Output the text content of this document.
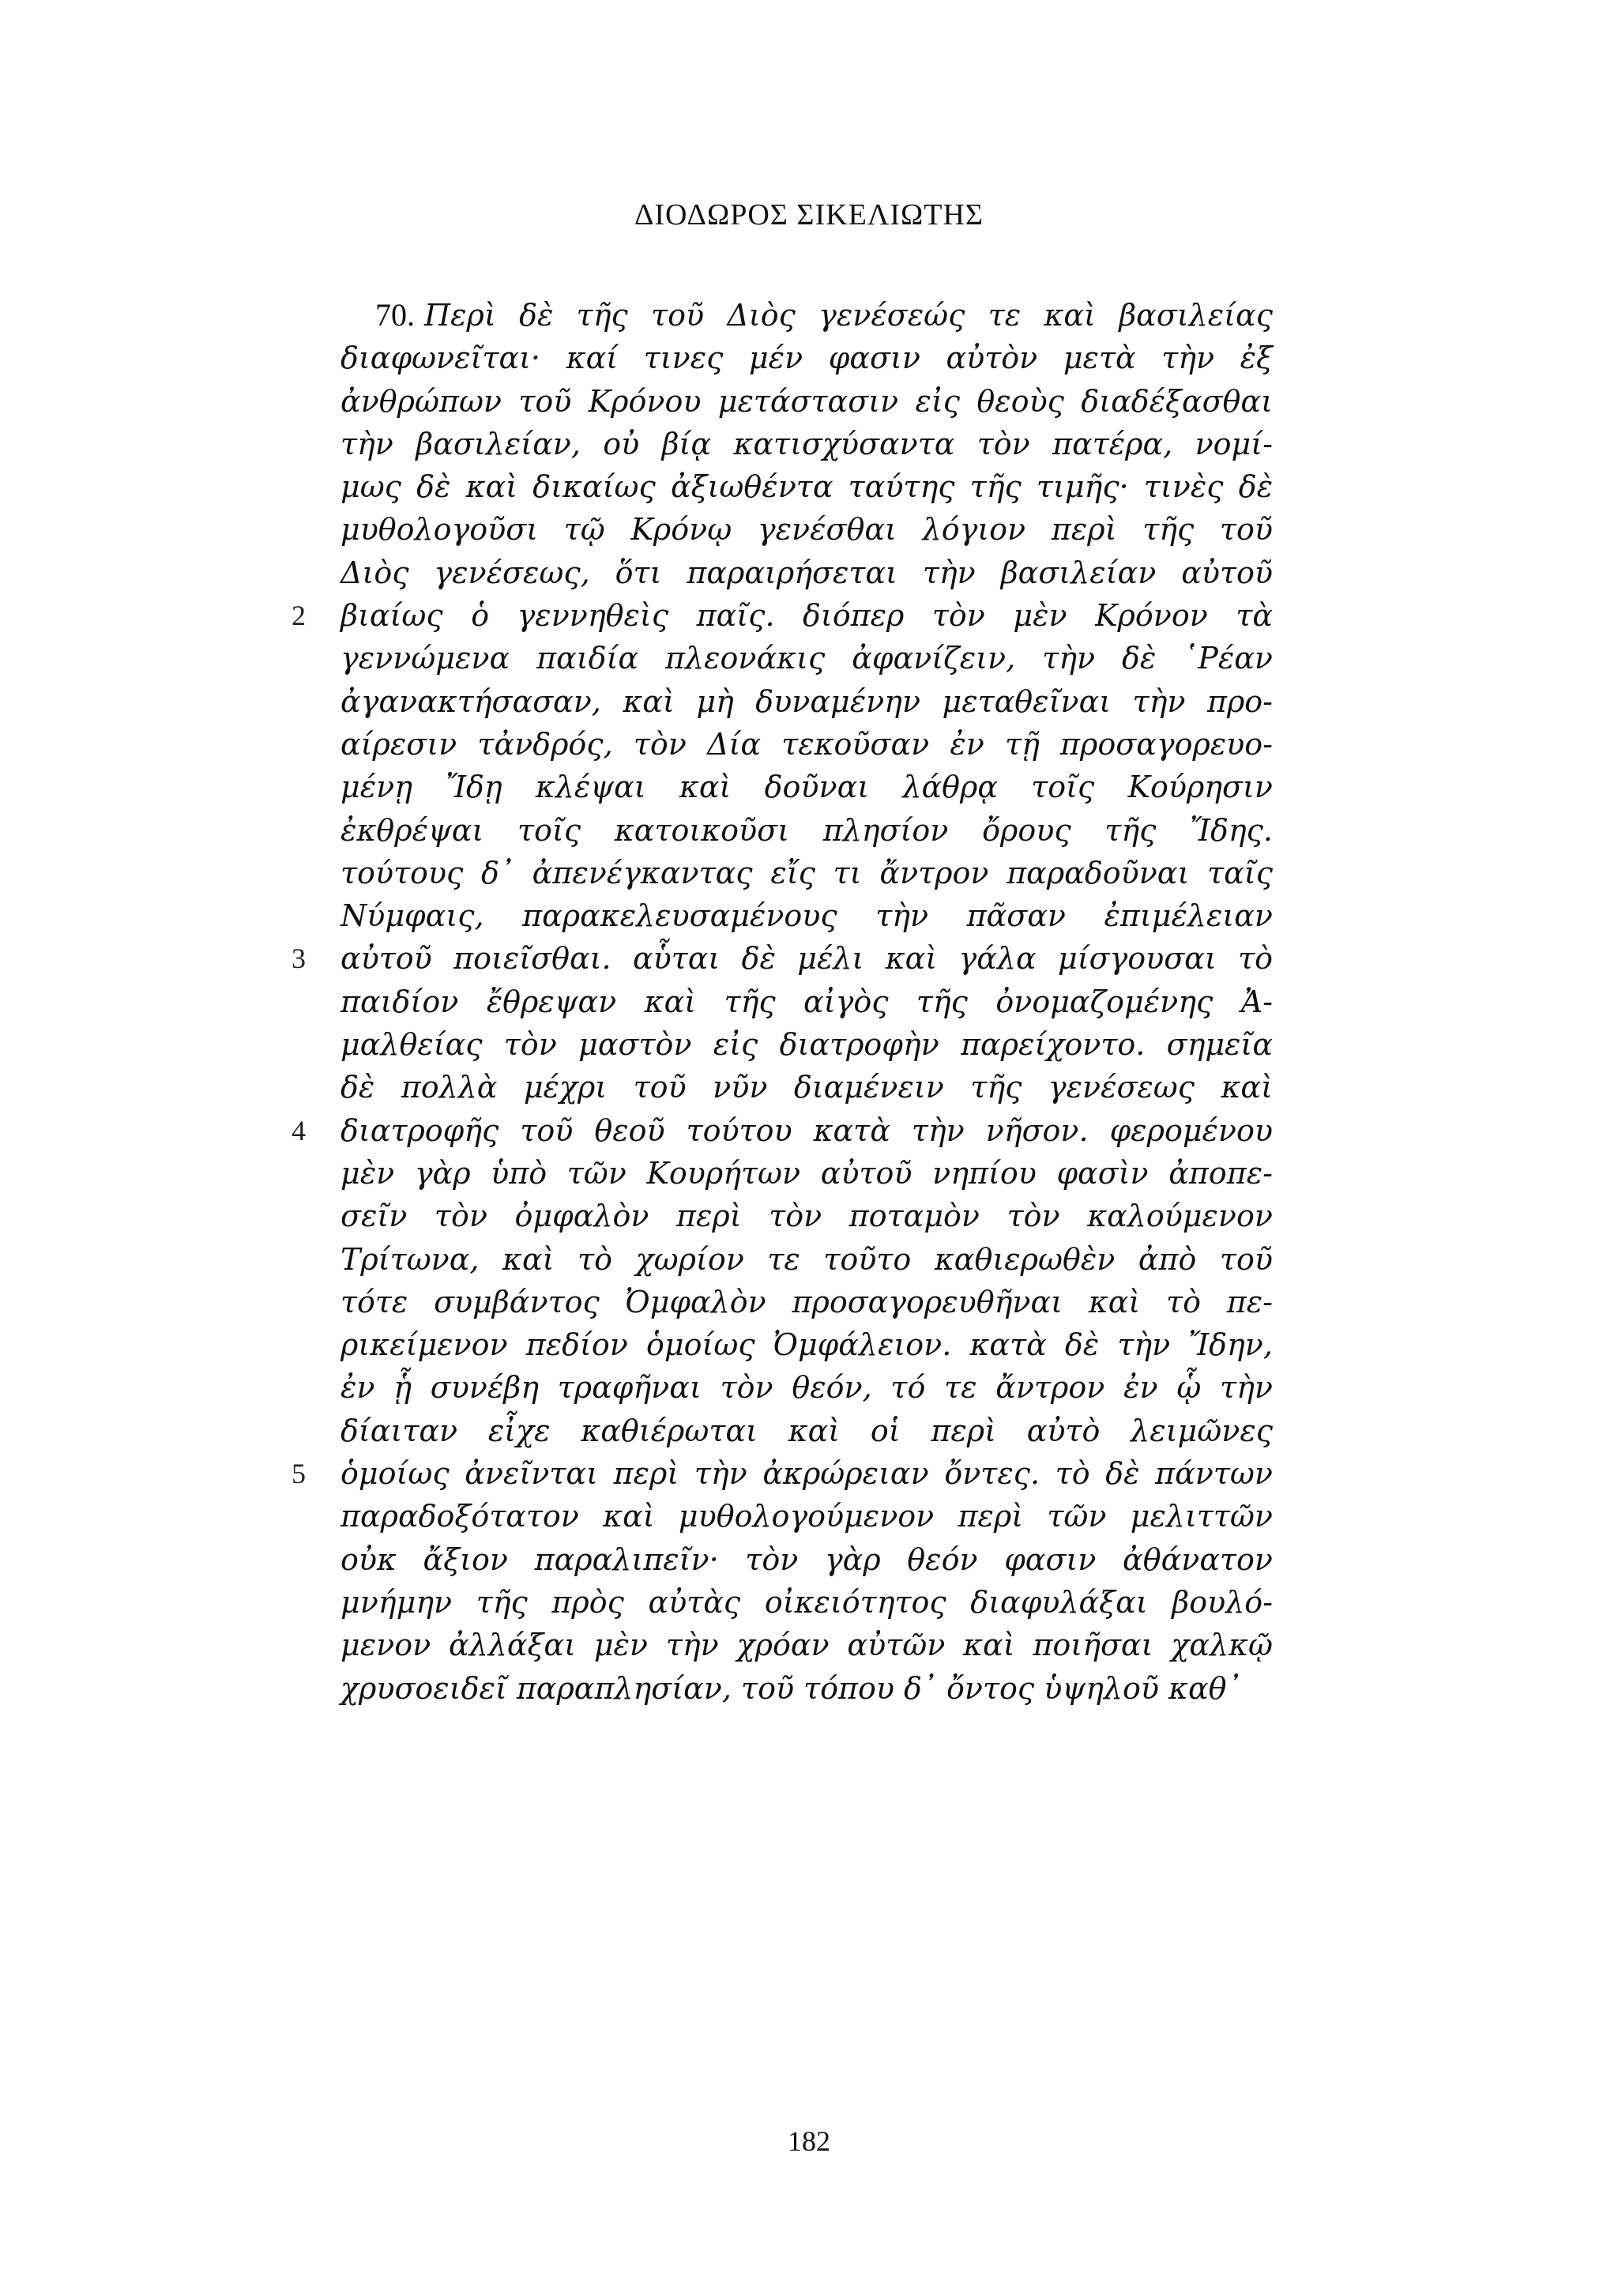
ΔΙΟΔΩΡΟΣ ΣΙΚΕΛΙΩΤΗΣ
70. Περὶ δὲ τῆς τοῦ Διὸς γενέσεώς τε καὶ βασιλείας
διαφωνεῖται· καί τινες μέν φασιν αὐτὸν μετὰ τὴν ἐξ
ἀνθρώπων τοῦ Κρόνου μετάστασιν εἰς θεοὺς διαδέξασθαι
τὴν βασιλείαν, οὐ βίᾳ κατισχύσαντα τὸν πατέρα, νομί-
μως δὲ καὶ δικαίως ἀξιωθέντα ταύτης τῆς τιμῆς· τινὲς δὲ
μυθολογοῦσι τῷ Κρόνῳ γενέσθαι λόγιον περὶ τῆς τοῦ
Διὸς γενέσεως, ὅτι παραιρήσεται τὴν βασιλείαν αὐτοῦ
βιαίως ὁ γεννηθεὶς παῖς. διόπερ τὸν μὲν Κρόνον τὰ
2
γεννώμενα παιδία πλεονάκις ἀφανίζειν, τὴν δὲ ῾Ρέαν
ἀγανακτήσασαν, καὶ μὴ δυναμένην μεταθεῖναι τὴν προ-
αίρεσιν τἀνδρός, τὸν Δία τεκοῦσαν ἐν τῇ προσαγορευο-
μένῃ Ἴδῃ κλέψαι καὶ δοῦναι λάθρᾳ τοῖς Κούρησιν
ἐκθρέψαι τοῖς κατοικοῦσι πλησίον ὄρους τῆς Ἴδης.
τούτους δ᾽ ἀπενέγκαντας εἴς τι ἄντρον παραδοῦναι ταῖς
Νύμφαις, παρακελευσαμένους τὴν πᾶσαν ἐπιμέλειαν
αὐτοῦ ποιεῖσθαι. αὗται δὲ μέλι καὶ γάλα μίσγουσαι τὸ
3
παιδίον ἔθρεψαν καὶ τῆς αἰγὸς τῆς ὀνομαζομένης Ἀ-
μαλθείας τὸν μαστὸν εἰς διατροφὴν παρείχοντο. σημεῖα
δὲ πολλὰ μέχρι τοῦ νῦν διαμένειν τῆς γενέσεως καὶ
διατροφῆς τοῦ θεοῦ τούτου κατὰ τὴν νῆσον. φερομένου
4
μὲν γὰρ ὑπὸ τῶν Κουρήτων αὐτοῦ νηπίου φασὶν ἀποπε-
σεῖν τὸν ὀμφαλὸν περὶ τὸν ποταμὸν τὸν καλούμενον
Τρίτωνα, καὶ τὸ χωρίον τε τοῦτο καθιερωθὲν ἀπὸ τοῦ
τότε συμβάντος Ὀμφαλὸν προσαγορευθῆναι καὶ τὸ πε-
ρικείμενον πεδίον ὁμοίως Ὀμφάλειον. κατὰ δὲ τὴν Ἴδην,
ἐν ᾗ συνέβη τραφῆναι τὸν θεόν, τό τε ἄντρον ἐν ᾧ τὴν
δίαιταν εἶχε καθιέρωται καὶ οἱ περὶ αὐτὸ λειμῶνες
ὁμοίως ἀνεῖνται περὶ τὴν ἀκρώρειαν ὄντες. τὸ δὲ πάντων
5
παραδοξότατον καὶ μυθολογούμενον περὶ τῶν μελιττῶν
οὐκ ἄξιον παραλιπεῖν· τὸν γὰρ θεόν φασιν ἀθάνατον
μνήμην τῆς πρὸς αὐτὰς οἰκειότητος διαφυλάξαι βουλό-
μενον ἀλλάξαι μὲν τὴν χρόαν αὐτῶν καὶ ποιῆσαι χαλκῷ
χρυσοειδεῖ παραπλησίαν, τοῦ τόπου δ᾽ ὄντος ὑψηλοῦ καθ᾽
182
